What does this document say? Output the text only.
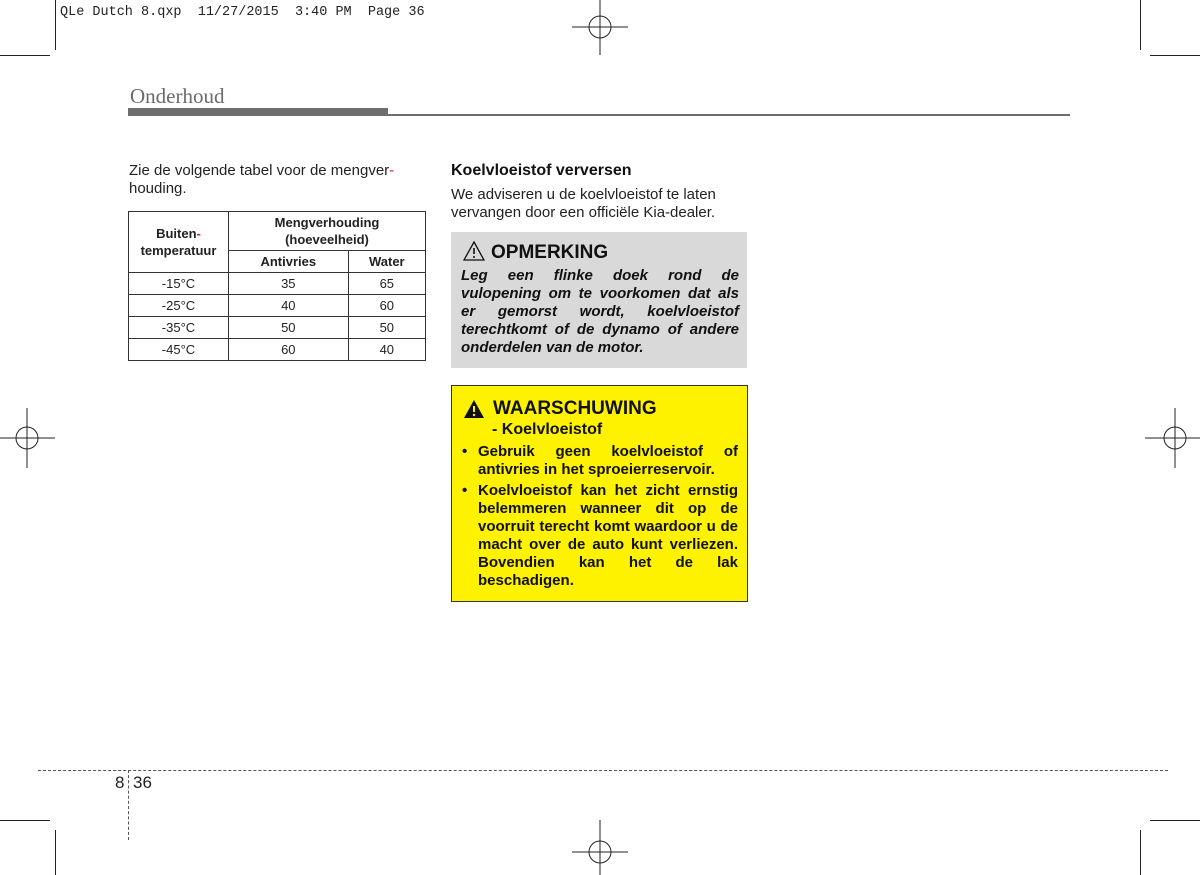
QLe Dutch 8.qxp  11/27/2015  3:40 PM  Page 36
Onderhoud
Zie de volgende tabel voor de mengver-
houding.
Buiten-
temperatuur	Mengverhouding
(hoeveelheid)	
	Antivries	Water
-15°C	35	65
-25°C	40	60
-35°C	50	50
-45°C	60	40
Koelvloeistof verversen
We adviseren u de koelvloeistof te laten vervangen door een officiële Kia-dealer.
OPMERKING
Leg een flinke doek rond de vulopening om te voorkomen dat als er gemorst wordt, koelvloeistof terechtkomt of de dynamo of andere onderdelen van de motor.
WAARSCHUWING
- Koelvloeistof
• Gebruik geen koelvloeistof of antivries in het sproeierreservoir.
• Koelvloeistof kan het zicht ernstig belemmeren wanneer dit op de voorruit terecht komt waardoor u de macht over de auto kunt verliezen. Bovendien kan het de lak beschadigen.
8 36
